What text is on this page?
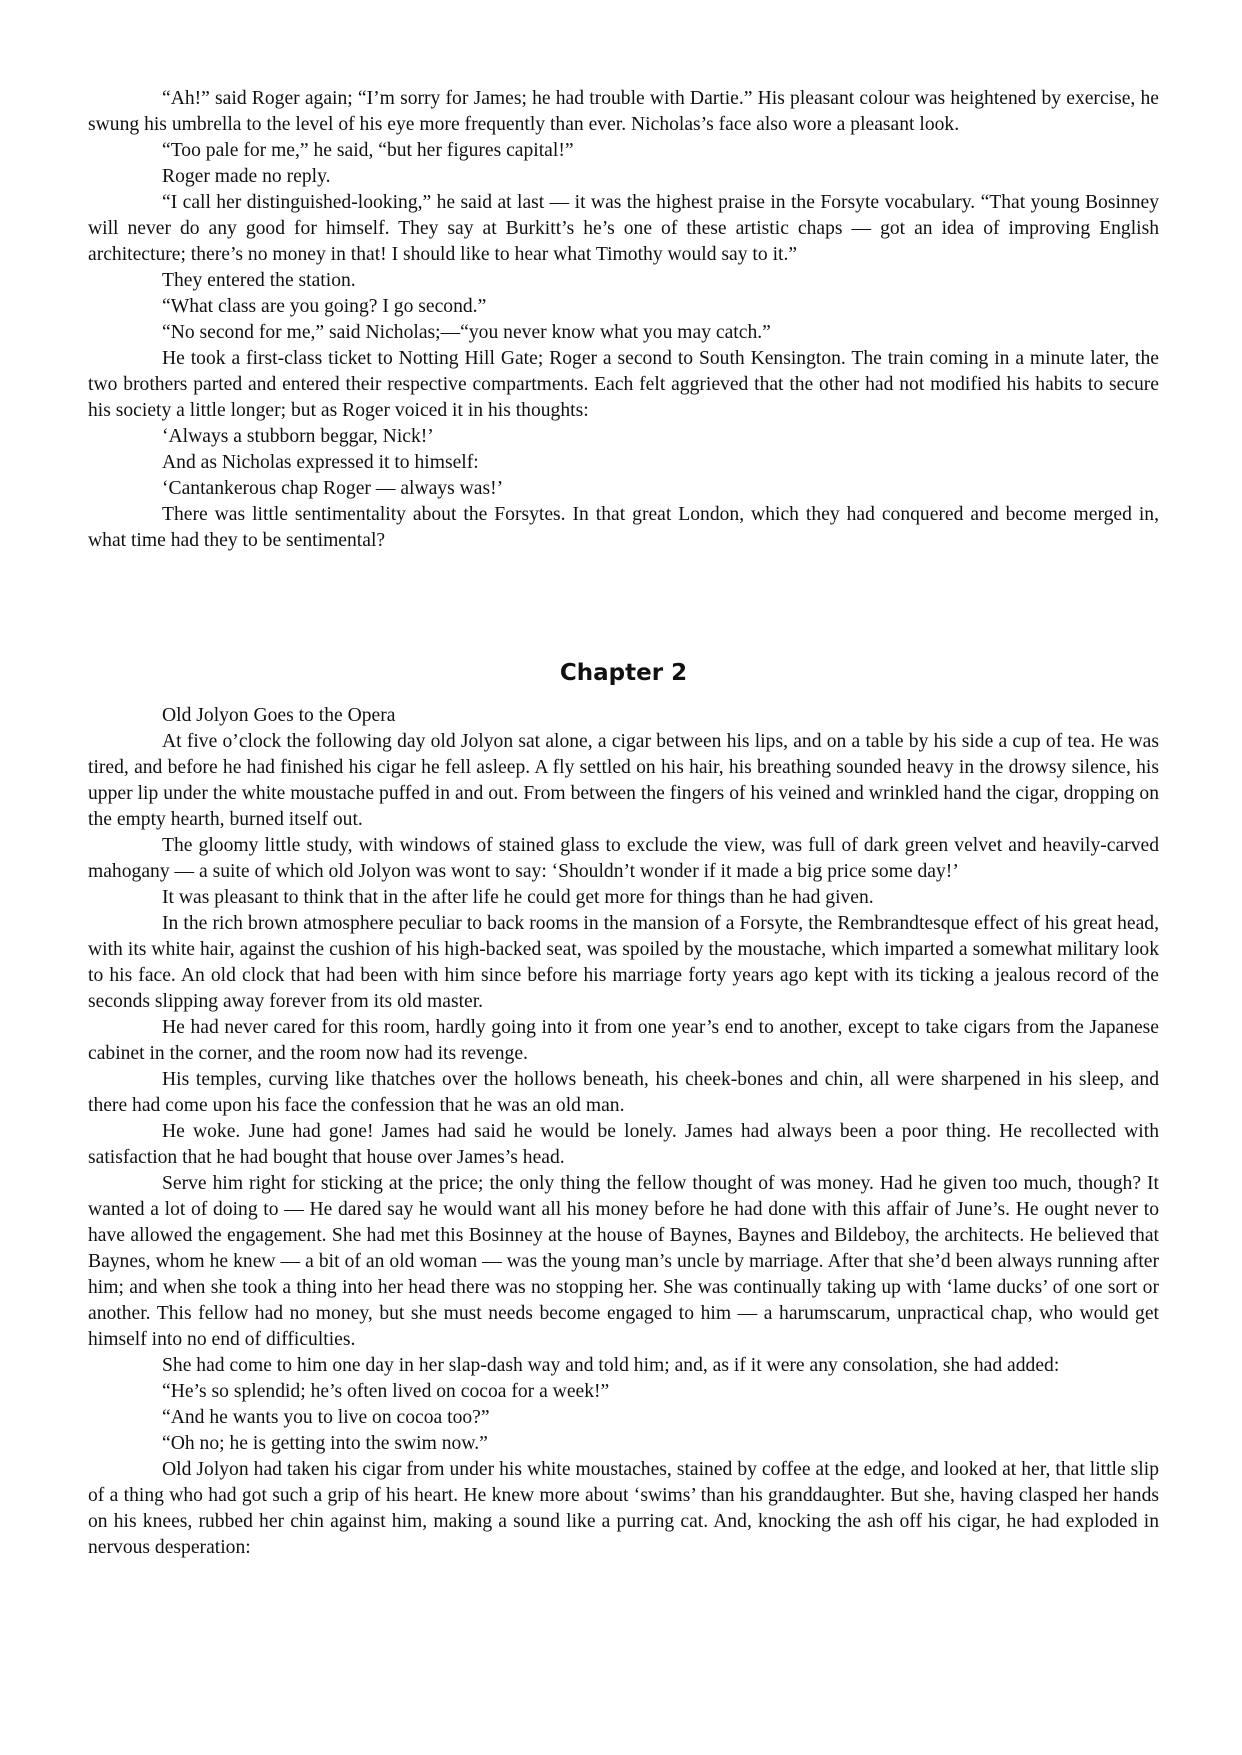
“Ah!” said Roger again; “I’m sorry for James; he had trouble with Dartie.” His pleasant colour was heightened by exercise, he swung his umbrella to the level of his eye more frequently than ever. Nicholas’s face also wore a pleasant look.

“Too pale for me,” he said, “but her figures capital!”

Roger made no reply.

“I call her distinguished-looking,” he said at last — it was the highest praise in the Forsyte vocabulary. “That young Bosinney will never do any good for himself. They say at Burkitt’s he’s one of these artistic chaps — got an idea of improving English architecture; there’s no money in that! I should like to hear what Timothy would say to it.”

They entered the station.

“What class are you going? I go second.”

“No second for me,” said Nicholas;—“you never know what you may catch.”

He took a first-class ticket to Notting Hill Gate; Roger a second to South Kensington. The train coming in a minute later, the two brothers parted and entered their respective compartments. Each felt aggrieved that the other had not modified his habits to secure his society a little longer; but as Roger voiced it in his thoughts:

‘Always a stubborn beggar, Nick!’

And as Nicholas expressed it to himself:

‘Cantankerous chap Roger — always was!’

There was little sentimentality about the Forsytes. In that great London, which they had conquered and become merged in, what time had they to be sentimental?

Chapter 2

Old Jolyon Goes to the Opera

At five o’clock the following day old Jolyon sat alone, a cigar between his lips, and on a table by his side a cup of tea. He was tired, and before he had finished his cigar he fell asleep. A fly settled on his hair, his breathing sounded heavy in the drowsy silence, his upper lip under the white moustache puffed in and out. From between the fingers of his veined and wrinkled hand the cigar, dropping on the empty hearth, burned itself out.

The gloomy little study, with windows of stained glass to exclude the view, was full of dark green velvet and heavily-carved mahogany — a suite of which old Jolyon was wont to say: ‘Shouldn’t wonder if it made a big price some day!’

It was pleasant to think that in the after life he could get more for things than he had given.

In the rich brown atmosphere peculiar to back rooms in the mansion of a Forsyte, the Rembrandtesque effect of his great head, with its white hair, against the cushion of his high-backed seat, was spoiled by the moustache, which imparted a somewhat military look to his face. An old clock that had been with him since before his marriage forty years ago kept with its ticking a jealous record of the seconds slipping away forever from its old master.

He had never cared for this room, hardly going into it from one year’s end to another, except to take cigars from the Japanese cabinet in the corner, and the room now had its revenge.

His temples, curving like thatches over the hollows beneath, his cheek-bones and chin, all were sharpened in his sleep, and there had come upon his face the confession that he was an old man.

He woke. June had gone! James had said he would be lonely. James had always been a poor thing. He recollected with satisfaction that he had bought that house over James’s head.

Serve him right for sticking at the price; the only thing the fellow thought of was money. Had he given too much, though? It wanted a lot of doing to — He dared say he would want all his money before he had done with this affair of June’s. He ought never to have allowed the engagement. She had met this Bosinney at the house of Baynes, Baynes and Bildeboy, the architects. He believed that Baynes, whom he knew — a bit of an old woman — was the young man’s uncle by marriage. After that she’d been always running after him; and when she took a thing into her head there was no stopping her. She was continually taking up with ‘lame ducks’ of one sort or another. This fellow had no money, but she must needs become engaged to him — a harumscarum, unpractical chap, who would get himself into no end of difficulties.

She had come to him one day in her slap-dash way and told him; and, as if it were any consolation, she had added:

“He’s so splendid; he’s often lived on cocoa for a week!”

“And he wants you to live on cocoa too?”

“Oh no; he is getting into the swim now.”

Old Jolyon had taken his cigar from under his white moustaches, stained by coffee at the edge, and looked at her, that little slip of a thing who had got such a grip of his heart. He knew more about ‘swims’ than his granddaughter. But she, having clasped her hands on his knees, rubbed her chin against him, making a sound like a purring cat. And, knocking the ash off his cigar, he had exploded in nervous desperation:
